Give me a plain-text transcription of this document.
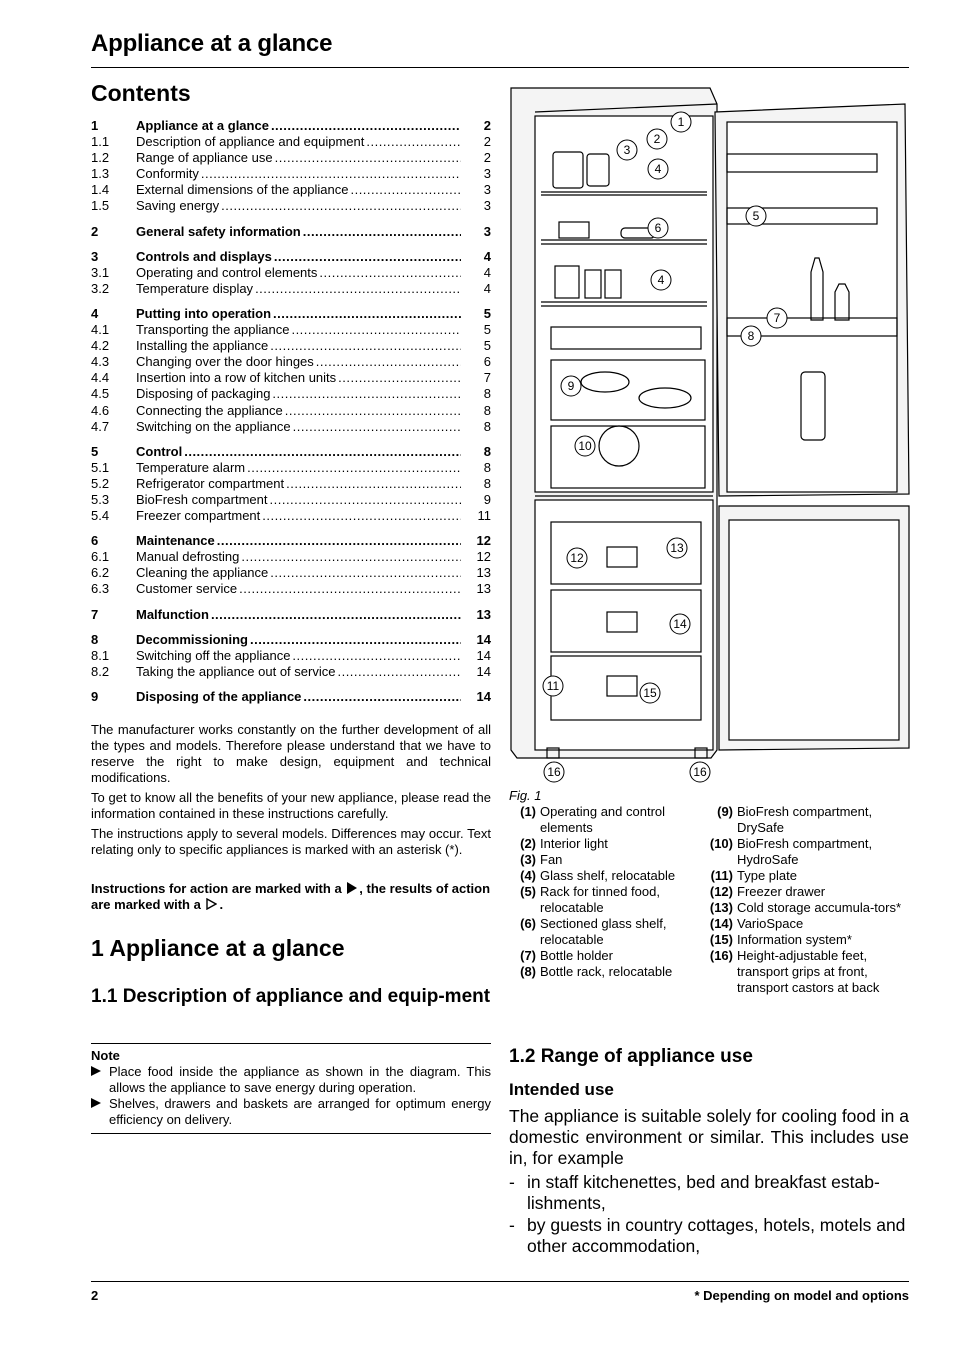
Appliance at a glance
Contents
1	Appliance at a glance .....	2
1.1	Description of appliance and equipment .....	2
1.2	Range of appliance use .....	2
1.3	Conformity .....	3
1.4	External dimensions of the appliance .....	3
1.5	Saving energy .....	3
2	General safety information .....	3
3	Controls and displays .....	4
3.1	Operating and control elements .....	4
3.2	Temperature display .....	4
4	Putting into operation .....	5
4.1	Transporting the appliance .....	5
4.2	Installing the appliance .....	5
4.3	Changing over the door hinges .....	6
4.4	Insertion into a row of kitchen units .....	7
4.5	Disposing of packaging .....	8
4.6	Connecting the appliance .....	8
4.7	Switching on the appliance .....	8
5	Control .....	8
5.1	Temperature alarm .....	8
5.2	Refrigerator compartment .....	8
5.3	BioFresh compartment .....	9
5.4	Freezer compartment .....	11
6	Maintenance .....	12
6.1	Manual defrosting .....	12
6.2	Cleaning the appliance .....	13
6.3	Customer service .....	13
7	Malfunction .....	13
8	Decommissioning .....	14
8.1	Switching off the appliance .....	14
8.2	Taking the appliance out of service .....	14
9	Disposing of the appliance .....	14
The manufacturer works constantly on the further development of all the types and models. Therefore please understand that we have to reserve the right to make design, equipment and technical modifications.
To get to know all the benefits of your new appliance, please read the information contained in these instructions carefully.
The instructions apply to several models. Differences may occur. Text relating only to specific appliances is marked with an asterisk (*).
Instructions for action are marked with a , the results of action are marked with a .
1 Appliance at a glance
1.1 Description of appliance and equip-ment
Note
Place food inside the appliance as shown in the diagram. This allows the appliance to save energy during operation.
Shelves, drawers and baskets are arranged for optimum energy efficiency on delivery.
1
2
3
4
5
6
4
7
8
9
10
12
13
14
11	15
16	16
Fig. 1
(1) Operating and control elements
(2) Interior light
(3) Fan
(4) Glass shelf, relocatable
(5) Rack for tinned food, relocatable
(6) Sectioned glass shelf, relocatable
(7) Bottle holder
(8) Bottle rack, relocatable
(9) BioFresh compartment, DrySafe
(10) BioFresh compartment, HydroSafe
(11) Type plate
(12) Freezer drawer
(13) Cold storage accumula-tors*
(14) VarioSpace
(15) Information system*
(16) Height-adjustable feet, transport grips at front, transport castors at back
1.2 Range of appliance use
Intended use
The appliance is suitable solely for cooling food in a domestic environment or similar. This includes use in, for example
- in staff kitchenettes, bed and breakfast estab-lishments,
- by guests in country cottages, hotels, motels and other accommodation,
2	* Depending on model and options
